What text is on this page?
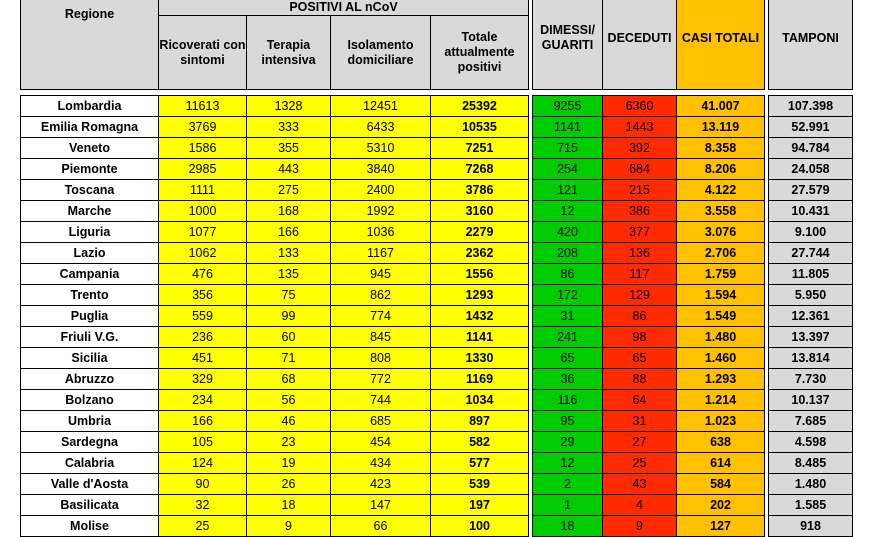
Regione	POSITIVI AL nCoV					DIMESSI/ GUARITI	DECEDUTI	CASI TOTALI		TAMPONI
	Ricoverati con sintomi	Terapia intensiva	Isolamento domiciliare	Totale attualmente positivi						

Lombardia	11613	1328	12451	25392		9255	6360	41.007		107.398
Emilia Romagna	3769	333	6433	10535		1141	1443	13.119		52.991
Veneto	1586	355	5310	7251		715	392	8.358		94.784
Piemonte	2985	443	3840	7268		254	684	8.206		24.058
Toscana	1111	275	2400	3786		121	215	4.122		27.579
Marche	1000	168	1992	3160		12	386	3.558		10.431
Liguria	1077	166	1036	2279		420	377	3.076		9.100
Lazio	1062	133	1167	2362		208	136	2.706		27.744
Campania	476	135	945	1556		86	117	1.759		11.805
Trento	356	75	862	1293		172	129	1.594		5.950
Puglia	559	99	774	1432		31	86	1.549		12.361
Friuli V.G.	236	60	845	1141		241	98	1.480		13.397
Sicilia	451	71	808	1330		65	65	1.460		13.814
Abruzzo	329	68	772	1169		36	88	1.293		7.730
Bolzano	234	56	744	1034		116	64	1.214		10.137
Umbria	166	46	685	897		95	31	1.023		7.685
Sardegna	105	23	454	582		29	27	638		4.598
Calabria	124	19	434	577		12	25	614		8.485
Valle d'Aosta	90	26	423	539		2	43	584		1.480
Basilicata	32	18	147	197		1	4	202		1.585
Molise	25	9	66	100		18	9	127		918
